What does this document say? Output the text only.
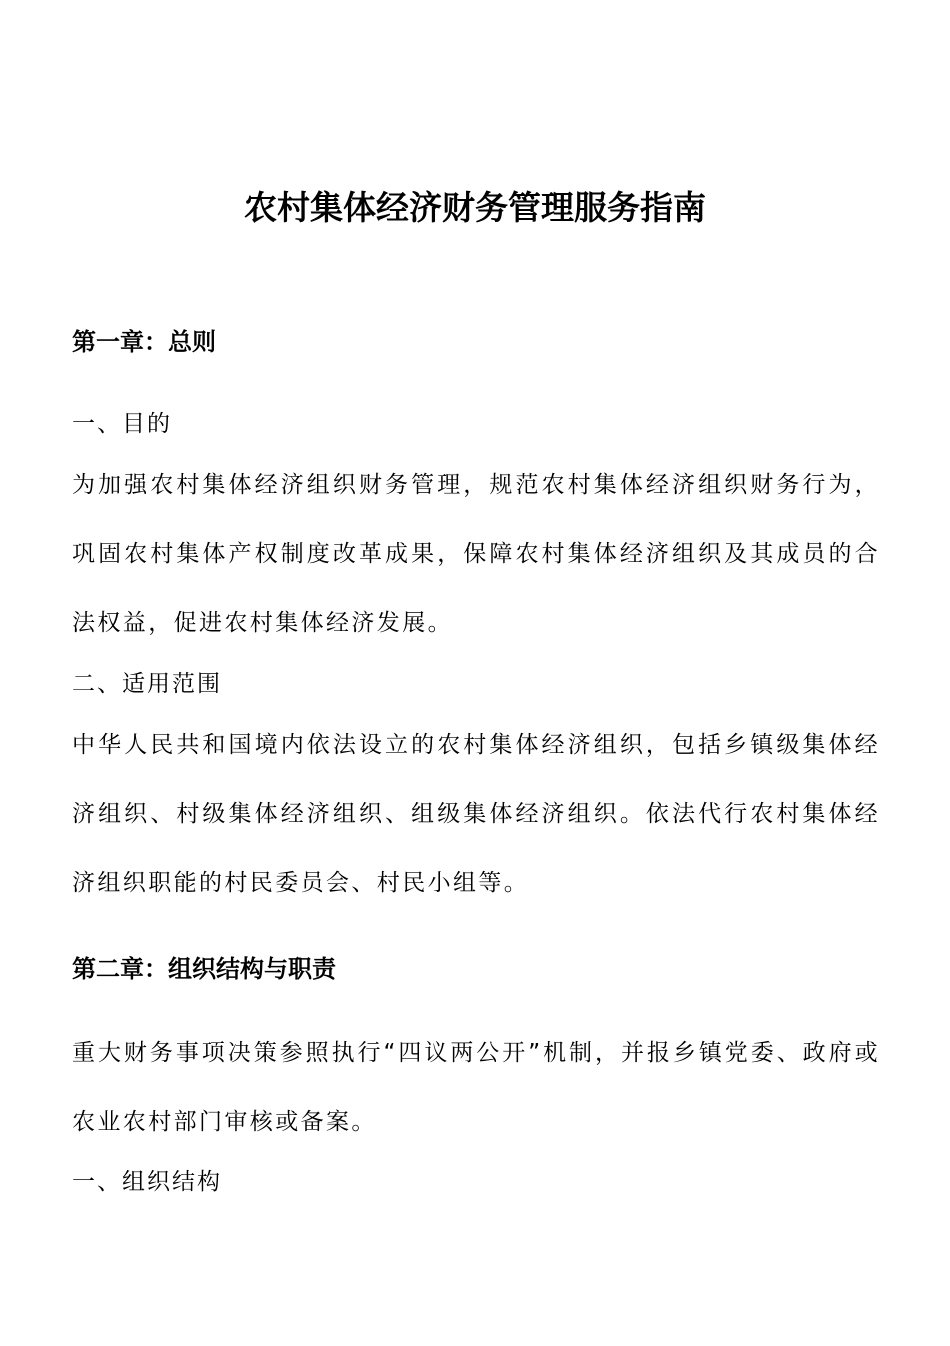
农村集体经济财务管理服务指南
第一章：总则
一、目的

为加强农村集体经济组织财务管理，规范农村集体经济组织财务行为，巩固农村集体产权制度改革成果，保障农村集体经济组织及其成员的合法权益，促进农村集体经济发展。

二、适用范围

中华人民共和国境内依法设立的农村集体经济组织，包括乡镇级集体经济组织、村级集体经济组织、组级集体经济组织。依法代行农村集体经济组织职能的村民委员会、村民小组等。

第二章：组织结构与职责

重大财务事项决策参照执行“四议两公开”机制，并报乡镇党委、政府或农业农村部门审核或备案。

一、组织结构
